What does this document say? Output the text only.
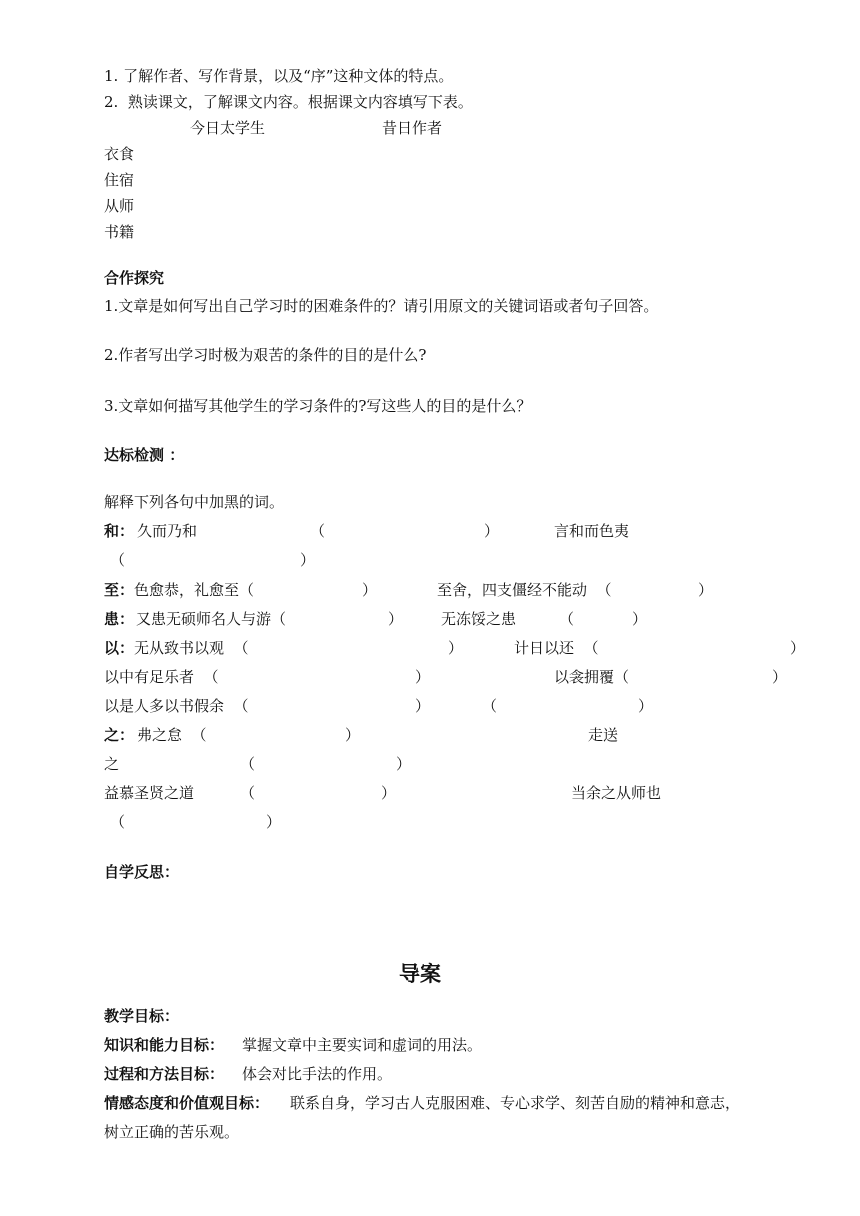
1. 了解作者、写作背景，以及“序”这种文体的特点。
2.  熟读课文，了解课文内容。根据课文内容填写下表。
今日太学生	昔日作者
衣食
住宿
从师
书籍
合作探究
1.文章是如何写出自己学习时的困难条件的？请引用原文的关键词语或者句子回答。
2.作者写出学习时极为艰苦的条件的目的是什么?
3.文章如何描写其他学生的学习条件的?写这些人的目的是什么？
达标检测 ：
解释下列各句中加黑的词。
和： 久而乃和	（	）	言和而色夷
（	）
至： 色愈恭，礼愈至（	）	至舍，四支僵经不能动  （	）
患： 又患无硕师名人与游（	）	无冻馁之患	（	）
以： 无从致书以观  （	）	计日以还  （	）
以中有足乐者  （	）	以衾拥覆（	）
以是人多以书假余  （	）	（	）
之： 弗之怠  （	）	走送
之	（	）
益慕圣贤之道	（	）	当余之从师也
（	）
自学反思：
导案
教学目标：
知识和能力目标： 掌握文章中主要实词和虚词的用法。
过程和方法目标： 体会对比手法的作用。
情感态度和价值观目标： 联系自身，学习古人克服困难、专心求学、刻苦自励的精神和意志，
树立正确的苦乐观。
